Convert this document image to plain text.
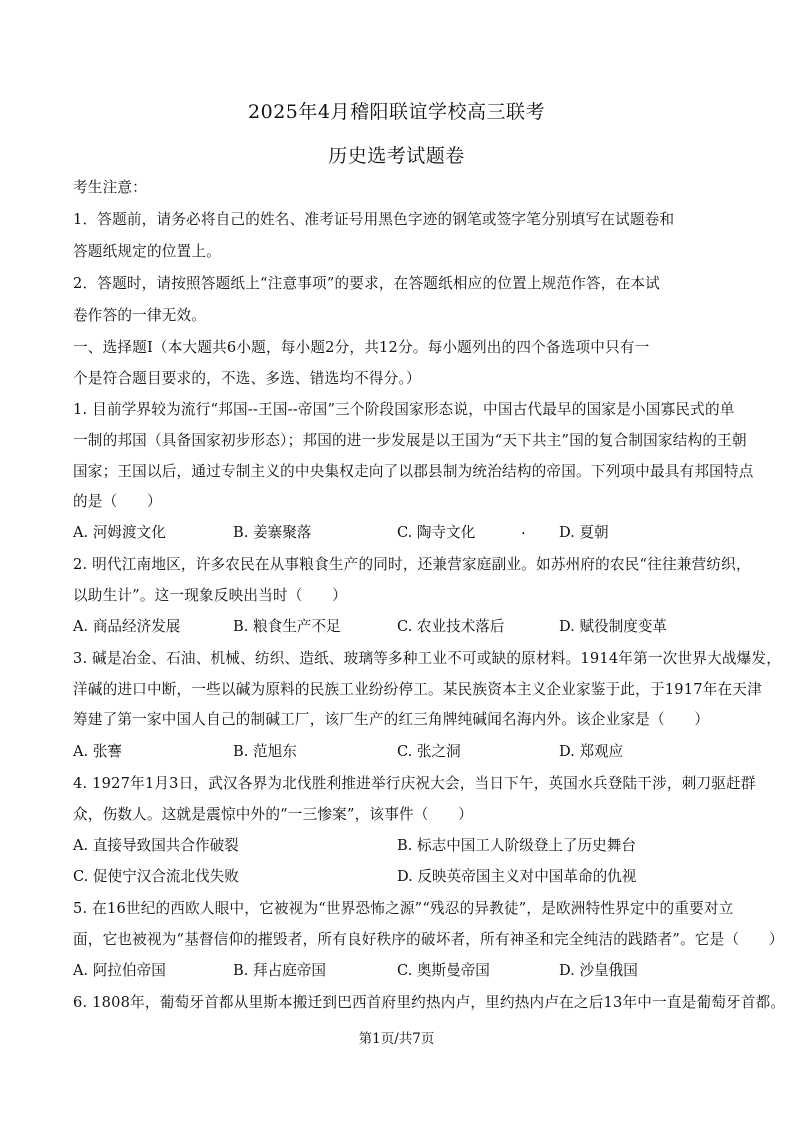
2025年4月稽阳联谊学校高三联考
历史选考试题卷
考生注意：
1．答题前，请务必将自己的姓名、准考证号用黑色字迹的钢笔或签字笔分别填写在试题卷和
答题纸规定的位置上。
2．答题时，请按照答题纸上“注意事项”的要求，在答题纸相应的位置上规范作答，在本试
卷作答的一律无效。
一、选择题Ⅰ（本大题共6小题，每小题2分，共12分。每小题列出的四个备选项中只有一
个是符合题目要求的，不选、多选、错选均不得分。）
1. 目前学界较为流行“邦国--王国--帝国”三个阶段国家形态说，中国古代最早的国家是小国寡民式的单
一制的邦国（具备国家初步形态）；邦国的进一步发展是以王国为“天下共主”国的复合制国家结构的王朝
国家；王国以后，通过专制主义的中央集权走向了以郡县制为统治结构的帝国。下列项中最具有邦国特点
的是（　　）
A. 河姆渡文化	B. 姜寨聚落	C. 陶寺文化	. D. 夏朝
2. 明代江南地区，许多农民在从事粮食生产的同时，还兼营家庭副业。如苏州府的农民“往往兼营纺织，
以助生计”。这一现象反映出当时（　　）
A. 商品经济发展	B. 粮食生产不足	C. 农业技术落后	D. 赋役制度变革
3. 碱是冶金、石油、机械、纺织、造纸、玻璃等多种工业不可或缺的原材料。1914年第一次世界大战爆发，
洋碱的进口中断，一些以碱为原料的民族工业纷纷停工。某民族资本主义企业家鉴于此，于1917年在天津
筹建了第一家中国人自己的制碱工厂，该厂生产的红三角牌纯碱闻名海内外。该企业家是（　　）
A. 张謇	B. 范旭东	C. 张之洞	D. 郑观应
4. 1927年1月3日，武汉各界为北伐胜利推进举行庆祝大会，当日下午，英国水兵登陆干涉，刺刀驱赶群
众，伤数人。这就是震惊中外的“一三惨案”，该事件（　　）
A. 直接导致国共合作破裂	B. 标志中国工人阶级登上了历史舞台
C. 促使宁汉合流北伐失败	D. 反映英帝国主义对中国革命的仇视
5. 在16世纪的西欧人眼中，它被视为“世界恐怖之源”“残忍的异教徒”，是欧洲特性界定中的重要对立
面，它也被视为“基督信仰的摧毁者，所有良好秩序的破坏者，所有神圣和完全纯洁的践踏者”。它是（　　）
A. 阿拉伯帝国	B. 拜占庭帝国	C. 奥斯曼帝国	D. 沙皇俄国
6. 1808年，葡萄牙首都从里斯本搬迁到巴西首府里约热内卢，里约热内卢在之后13年中一直是葡萄牙首都。
第1页/共7页
